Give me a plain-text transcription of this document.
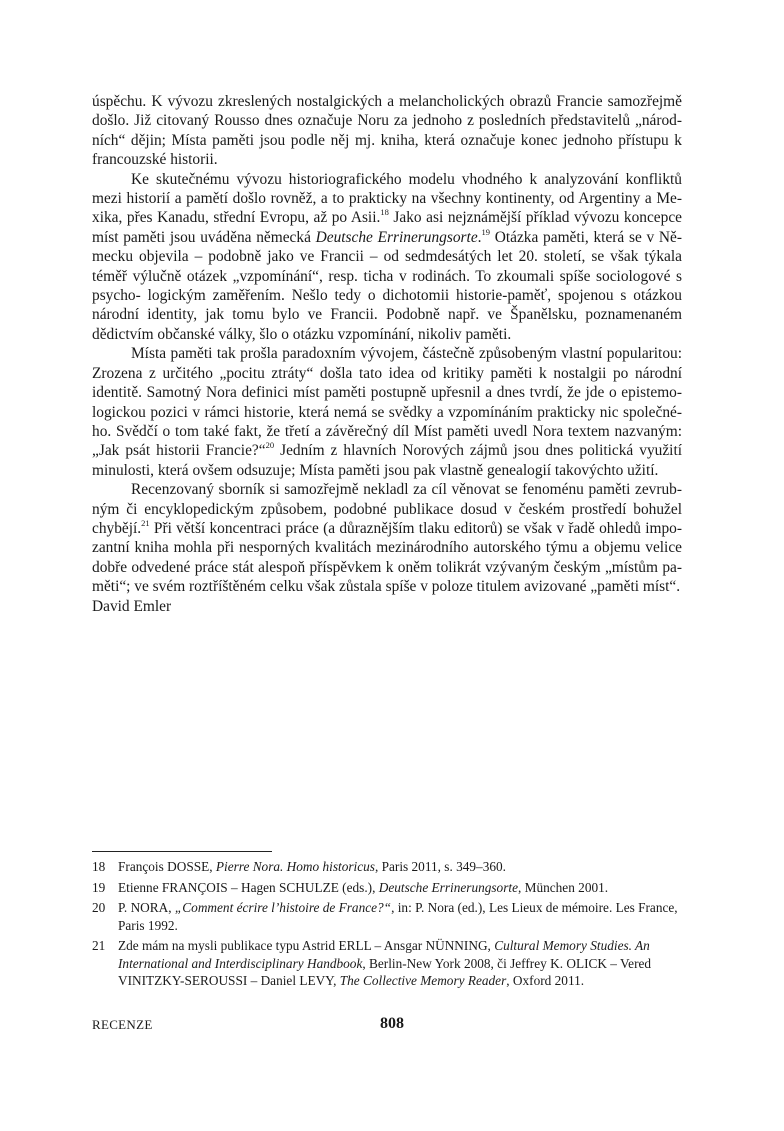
úspěchu. K vývozu zkreslených nostalgických a melancholických obrazů Francie samozřejmě došlo. Již citovaný Rousso dnes označuje Noru za jednoho z posledních představitelů „národ- ních“ dějin; Místa paměti jsou podle něj mj. kniha, která označuje konec jednoho přístupu k francouzské historii.

Ke skutečnému vývozu historiografického modelu vhodného k analyzování konfliktů mezi historií a pamětí došlo rovněž, a to prakticky na všechny kontinenty, od Argentiny a Me- xika, přes Kanadu, střední Evropu, až po Asii.$^{18}$ Jako asi nejznámější příklad vývozu koncepce míst paměti jsou uváděna německá Deutsche Errinerungsorte.$^{19}$ Otázka paměti, která se v Ně- mecku objevila – podobně jako ve Francii – od sedmdesátých let 20. století, se však týkala téměř výlučně otázek „vzpomínání“, resp. ticha v rodinách. To zkoumali spíše sociologové s psycho- logickým zaměřením. Nešlo tedy o dichotomii historie-paměť, spojenou s otázkou národní identity, jak tomu bylo ve Francii. Podobně např. ve Španělsku, poznamenaném dědictvím občanské války, šlo o otázku vzpomínání, nikoliv paměti.

Místa paměti tak prošla paradoxním vývojem, částečně způsobeným vlastní popularitou: Zrozena z určitého „pocitu ztráty“ došla tato idea od kritiky paměti k nostalgii po národní identitě. Samotný Nora definici míst paměti postupně upřesnil a dnes tvrdí, že jde o epistemo- logickou pozici v rámci historie, která nemá se svědky a vzpomínáním prakticky nic společné- ho. Svědčí o tom také fakt, že třetí a závěrečný díl Míst paměti uvedl Nora textem nazvaným: „Jak psát historii Francie?“$^{20}$ Jedním z hlavních Norových zájmů jsou dnes politická využití minulosti, která ovšem odsuzuje; Místa paměti jsou pak vlastně genealogií takovýchto užití.

Recenzovaný sborník si samozřejmě nekladl za cíl věnovat se fenoménu paměti zevrub- ným či encyklopedickým způsobem, podobné publikace dosud v českém prostředí bohužel chybějí.$^{21}$ Při větší koncentraci práce (a důraznějším tlaku editorů) se však v řadě ohledů impo- zantní kniha mohla při nesporných kvalitách mezinárodního autorského týmu a objemu velice dobře odvedené práce stát alespoň příspěvkem k oněm tolikrát vzývaným českým „místům pa- měti“; ve svém roztříštěném celku však zůstala spíše v poloze titulem avizované „paměti míst“.

David Emler

18 François DOSSE, Pierre Nora. Homo historicus, Paris 2011, s. 349–360.
19 Etienne FRANÇOIS – Hagen SCHULZE (eds.), Deutsche Errinerungsorte, München 2001.
20 P. NORA, „Comment écrire l’histoire de France?“, in: P. Nora (ed.), Les Lieux de mémoire. Les France, Paris 1992.
21 Zde mám na mysli publikace typu Astrid ERLL – Ansgar NÜNNING, Cultural Memory Studies. An International and Interdisciplinary Handbook, Berlin-New York 2008, či Jeffrey K. OLICK – Vered VINITZKY-SEROUSSI – Daniel LEVY, The Collective Memory Reader, Oxford 2011.
RECENZE	808
